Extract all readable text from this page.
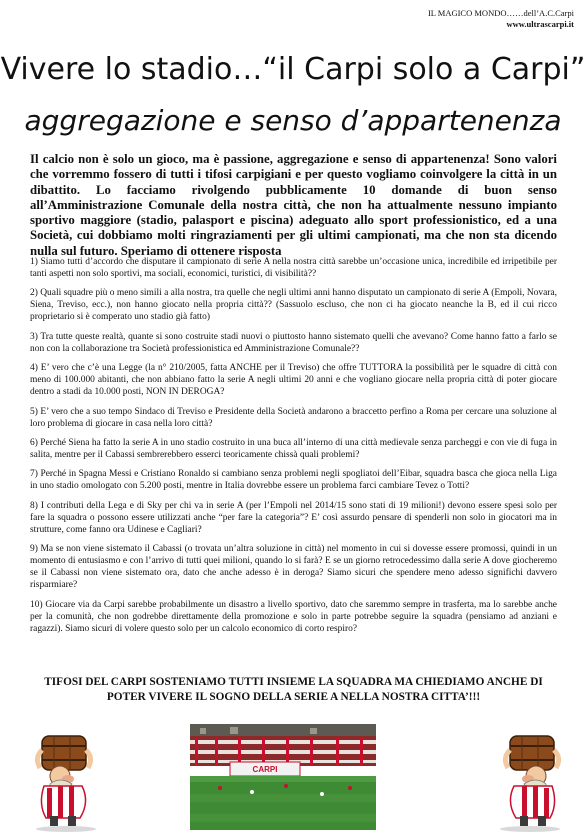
IL MAGICO MONDO……dell’A.C.Carpi
www.ultrascarpi.it
Vivere lo stadio…“il Carpi solo a Carpi”
aggregazione e senso d’appartenenza
Il calcio non è solo un gioco, ma è passione, aggregazione e senso di appartenenza! Sono valori che vorremmo fossero di tutti i tifosi carpigiani e per questo vogliamo coinvolgere la città in un dibattito. Lo facciamo rivolgendo pubblicamente 10 domande di buon senso all’Amministrazione Comunale della nostra città, che non ha attualmente nessuno impianto sportivo maggiore (stadio, palasport e piscina) adeguato allo sport professionistico, ed a una Società, cui dobbiamo molti ringraziamenti per gli ultimi campionati, ma che non sta dicendo nulla sul futuro. Speriamo di ottenere risposta

1) Siamo tutti d’accordo che disputare il campionato di serie A nella nostra città sarebbe un’occasione unica, incredibile ed irripetibile per tanti aspetti non solo sportivi, ma sociali, economici, turistici, di visibilità??

2) Quali squadre più o meno simili a alla nostra, tra quelle che negli ultimi anni hanno disputato un campionato di serie A (Empoli, Novara, Siena, Treviso, ecc.), non hanno giocato nella propria città?? (Sassuolo escluso, che non ci ha giocato neanche la B, ed il cui ricco proprietario si è comperato uno stadio già fatto)

3) Tra tutte queste realtà, quante si sono costruite stadi nuovi o piuttosto hanno sistemato quelli che avevano? Come hanno fatto a farlo se non con la collaborazione tra Società professionistica ed Amministrazione Comunale??

4) E’ vero che c’è una Legge (la n° 210/2005, fatta ANCHE per il Treviso) che offre TUTTORA la possibilità per le squadre di città con meno di 100.000 abitanti, che non abbiano fatto la serie A negli ultimi 20 anni e che vogliano giocare nella propria città di poter giocare dentro a stadi da 10.000 posti, NON IN DEROGA?

5) E’ vero che a suo tempo Sindaco di Treviso e Presidente della Società andarono a braccetto perfino a Roma per cercare una soluzione al loro problema di giocare in casa nella loro città?

6) Perché Siena ha fatto la serie A in uno stadio costruito in una buca all’interno di una città medievale senza parcheggi e con vie di fuga in salita, mentre per il Cabassi sembrerebbero esserci teoricamente chissà quali problemi?

7) Perché in Spagna Messi e Cristiano Ronaldo si cambiano senza problemi negli spogliatoi dell’Eibar, squadra basca che gioca nella Liga in uno stadio omologato con 5.200 posti, mentre in Italia dovrebbe essere un problema farci cambiare Tevez o Totti?

8) I contributi della Lega e di Sky per chi va in serie A (per l’Empoli nel 2014/15 sono stati di 19 milioni!) devono essere spesi solo per fare la squadra o possono essere utilizzati anche “per fare la categoria”? E’ così assurdo pensare di spenderli non solo in giocatori ma in strutture, come fanno ora Udinese e Cagliari?

9) Ma se non viene sistemato il Cabassi (o trovata un’altra soluzione in città) nel momento in cui si dovesse essere promossi, quindi in un momento di entusiasmo e con l’arrivo di tutti quei milioni, quando lo si farà? E se un giorno retrocedessimo dalla serie A dove giocheremo se il Cabassi non viene sistemato ora, dato che anche adesso è in deroga? Siamo sicuri che spendere meno adesso significhi davvero risparmiare?

10) Giocare via da Carpi sarebbe probabilmente un disastro a livello sportivo, dato che saremmo sempre in trasferta, ma lo sarebbe anche per la comunità, che non godrebbe direttamente della promozione e solo in parte potrebbe seguire la squadra (pensiamo ad anziani e ragazzi). Siamo sicuri di volere questo solo per un calcolo economico di corto respiro?

TIFOSI DEL CARPI SOSTENIAMO TUTTI INSIEME LA SQUADRA MA CHIEDIAMO ANCHE DI POTER VIVERE IL SOGNO DELLA SERIE A NELLA NOSTRA CITTA’!!!
CARPI
